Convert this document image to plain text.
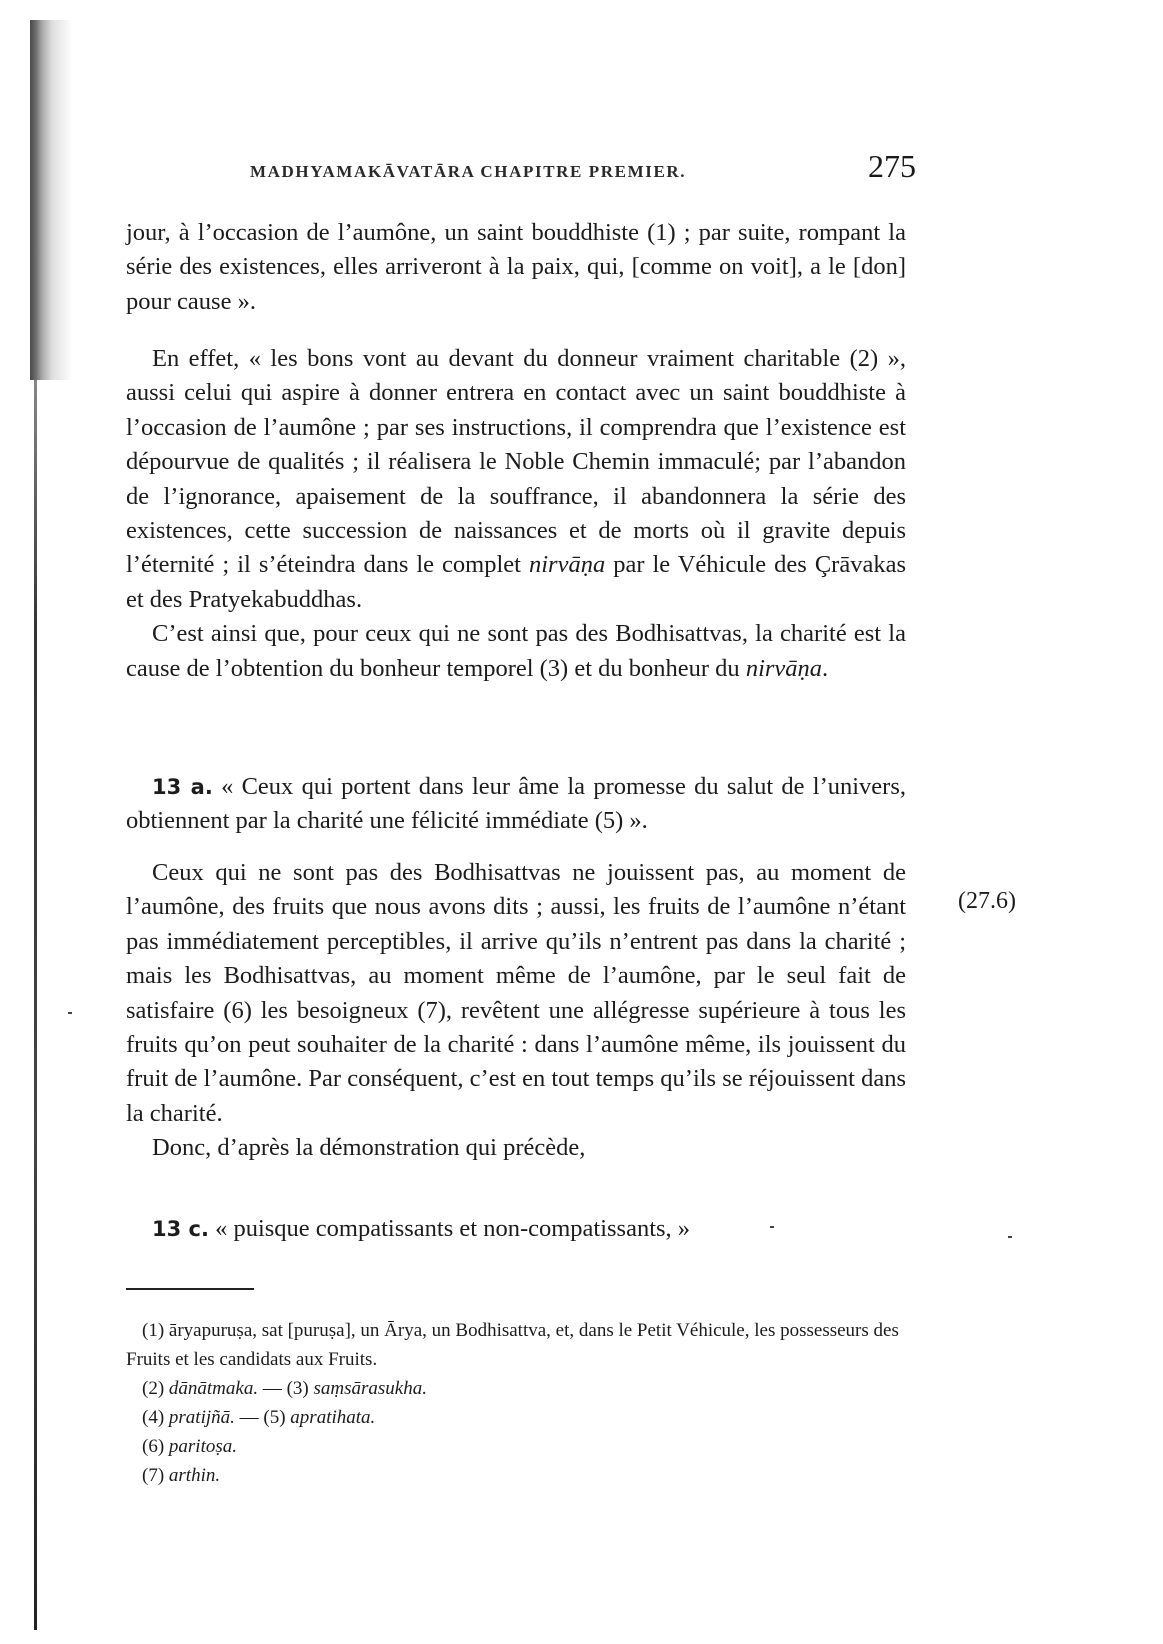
MADHYAMAKĀVATĀRA CHAPITRE PREMIER.	275

jour, à l’occasion de l’aumône, un saint bouddhiste (1) ; par suite, rompant la série des existences, elles arriveront à la paix, qui, [comme on voit], a le [don] pour cause ».

En effet, « les bons vont au devant du donneur vraiment charitable (2) », aussi celui qui aspire à donner entrera en contact avec un saint bouddhiste à l’occasion de l’aumône ; par ses instructions, il comprendra que l’existence est dépourvue de qualités ; il réalisera le Noble Chemin immaculé; par l’abandon de l’ignorance, apaisement de la souffrance, il abandonnera la série des existences, cette succession de naissances et de morts où il gravite depuis l’éternité ; il s’éteindra dans le complet nirvāṇa par le Véhicule des Çrāvakas et des Pratyekabuddhas.

C’est ainsi que, pour ceux qui ne sont pas des Bodhisattvas, la charité est la cause de l’obtention du bonheur temporel (3) et du bonheur du nirvāṇa.

13 a. « Ceux qui portent dans leur âme la promesse du salut de l’univers, obtiennent par la charité une félicité immédiate (5) ».

(27.6)

Ceux qui ne sont pas des Bodhisattvas ne jouissent pas, au moment de l’aumône, des fruits que nous avons dits ; aussi, les fruits de l’aumône n’étant pas immédiatement perceptibles, il arrive qu’ils n’entrent pas dans la charité ; mais les Bodhisattvas, au moment même de l’aumône, par le seul fait de satisfaire (6) les besoigneux (7), revêtent une allégresse supérieure à tous les fruits qu’on peut souhaiter de la charité : dans l’aumône même, ils jouissent du fruit de l’aumône. Par conséquent, c’est en tout temps qu’ils se réjouissent dans la charité.

Donc, d’après la démonstration qui précède,

13 c. « puisque compatissants et non-compatissants, »

(1) āryapuruṣa, sat [puruṣa], un Ārya, un Bodhisattva, et, dans le Petit Véhicule, les possesseurs des Fruits et les candidats aux Fruits.

(2) dānātmaka. — (3) saṃsārasukha.

(4) pratijñā. — (5) apratihata.

(6) paritoṣa.

(7) arthin.
